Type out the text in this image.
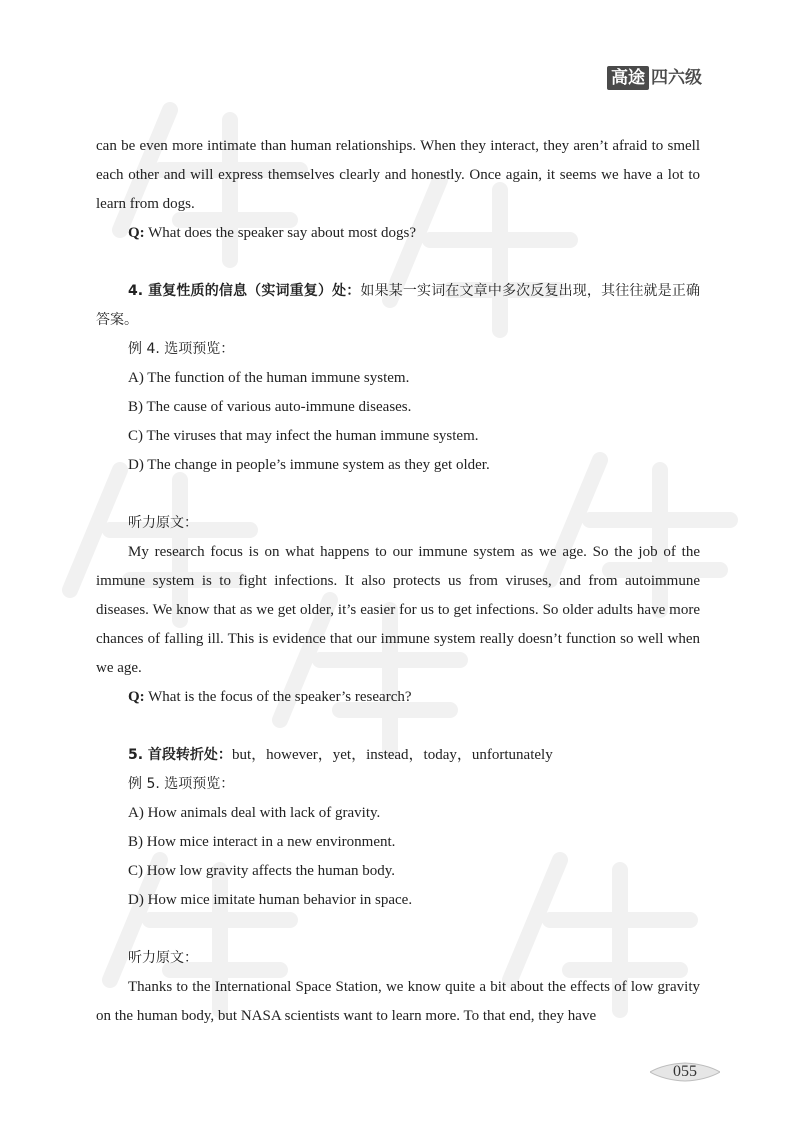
高途 四六级

can be even more intimate than human relationships. When they interact, they aren’t afraid to smell each other and will express themselves clearly and honestly. Once again, it seems we have a lot to learn from dogs.

Q: What does the speaker say about most dogs?

4. 重复性质的信息（实词重复）处：如果某一实词在文章中多次反复出现，其往往就是正确答案。

例 4. 选项预览：

A) The function of the human immune system.

B) The cause of various auto-immune diseases.

C) The viruses that may infect the human immune system.

D) The change in people’s immune system as they get older.

听力原文：

My research focus is on what happens to our immune system as we age. So the job of the immune system is to fight infections. It also protects us from viruses, and from autoimmune diseases. We know that as we get older, it’s easier for us to get infections. So older adults have more chances of falling ill. This is evidence that our immune system really doesn’t function so well when we age.

Q: What is the focus of the speaker’s research?

5. 首段转折处：but，however，yet，instead，today，unfortunately

例 5. 选项预览：

A) How animals deal with lack of gravity.

B) How mice interact in a new environment.

C) How low gravity affects the human body.

D) How mice imitate human behavior in space.

听力原文：

Thanks to the International Space Station, we know quite a bit about the effects of low gravity on the human body, but NASA scientists want to learn more. To that end, they have

055
